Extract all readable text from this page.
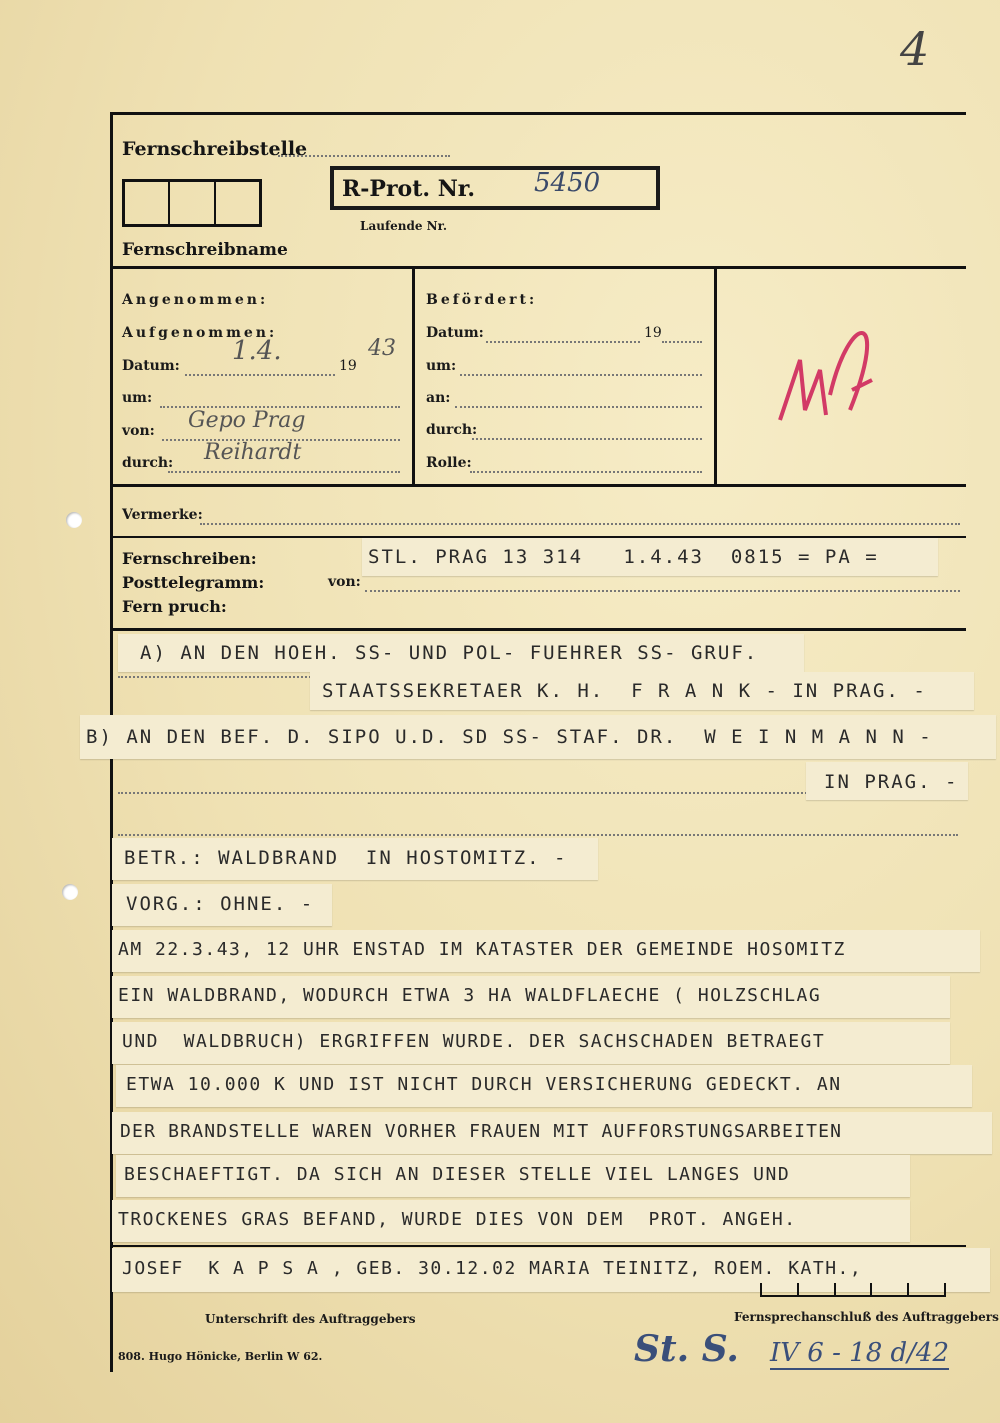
4
Fernschreibstelle
R-Prot. Nr. 5450
Laufende Nr.
Fernschreibname
Angenommen:
Aufgenommen:
Datum: 1.4.	19
43
um:
von: Gepo Prag
durch: Reihardt
Befördert:
Datum:	19
um:
an:
durch:
Rolle:
Vermerke:
Fernschreiben:
Posttelegramm:
Fern pruch:
von:
STL. PRAG 13 314   1.4.43  0815 = PA =
A) AN DEN HOEH. SS- UND POL- FUEHRER SS- GRUF.
STAATSSEKRETAER K. H.  F R A N K - IN PRAG. -
B) AN DEN BEF. D. SIPO U.D. SD SS- STAF. DR.  W E I N M A N N -
IN PRAG. -
BETR.: WALDBRAND  IN HOSTOMITZ. -
VORG.: OHNE. -
AM 22.3.43, 12 UHR ENSTAD IM KATASTER DER GEMEINDE HOSOMITZ
EIN WALDBRAND, WODURCH ETWA 3 HA WALDFLAECHE ( HOLZSCHLAG
UND  WALDBRUCH) ERGRIFFEN WURDE. DER SACHSCHADEN BETRAEGT
ETWA 10.000 K UND IST NICHT DURCH VERSICHERUNG GEDECKT. AN
DER BRANDSTELLE WAREN VORHER FRAUEN MIT AUFFORSTUNGSARBEITEN
BESCHAEFTIGT. DA SICH AN DIESER STELLE VIEL LANGES UND
TROCKENES GRAS BEFAND, WURDE DIES VON DEM  PROT. ANGEH.
JOSEF  K A P S A , GEB. 30.12.02 MARIA TEINITZ, ROEM. KATH.,
Unterschrift des Auftraggebers	Fernsprechanschluß des Auftraggebers
808. Hugo Hönicke, Berlin W 62.	St. S. IV 6 - 18 d/42
